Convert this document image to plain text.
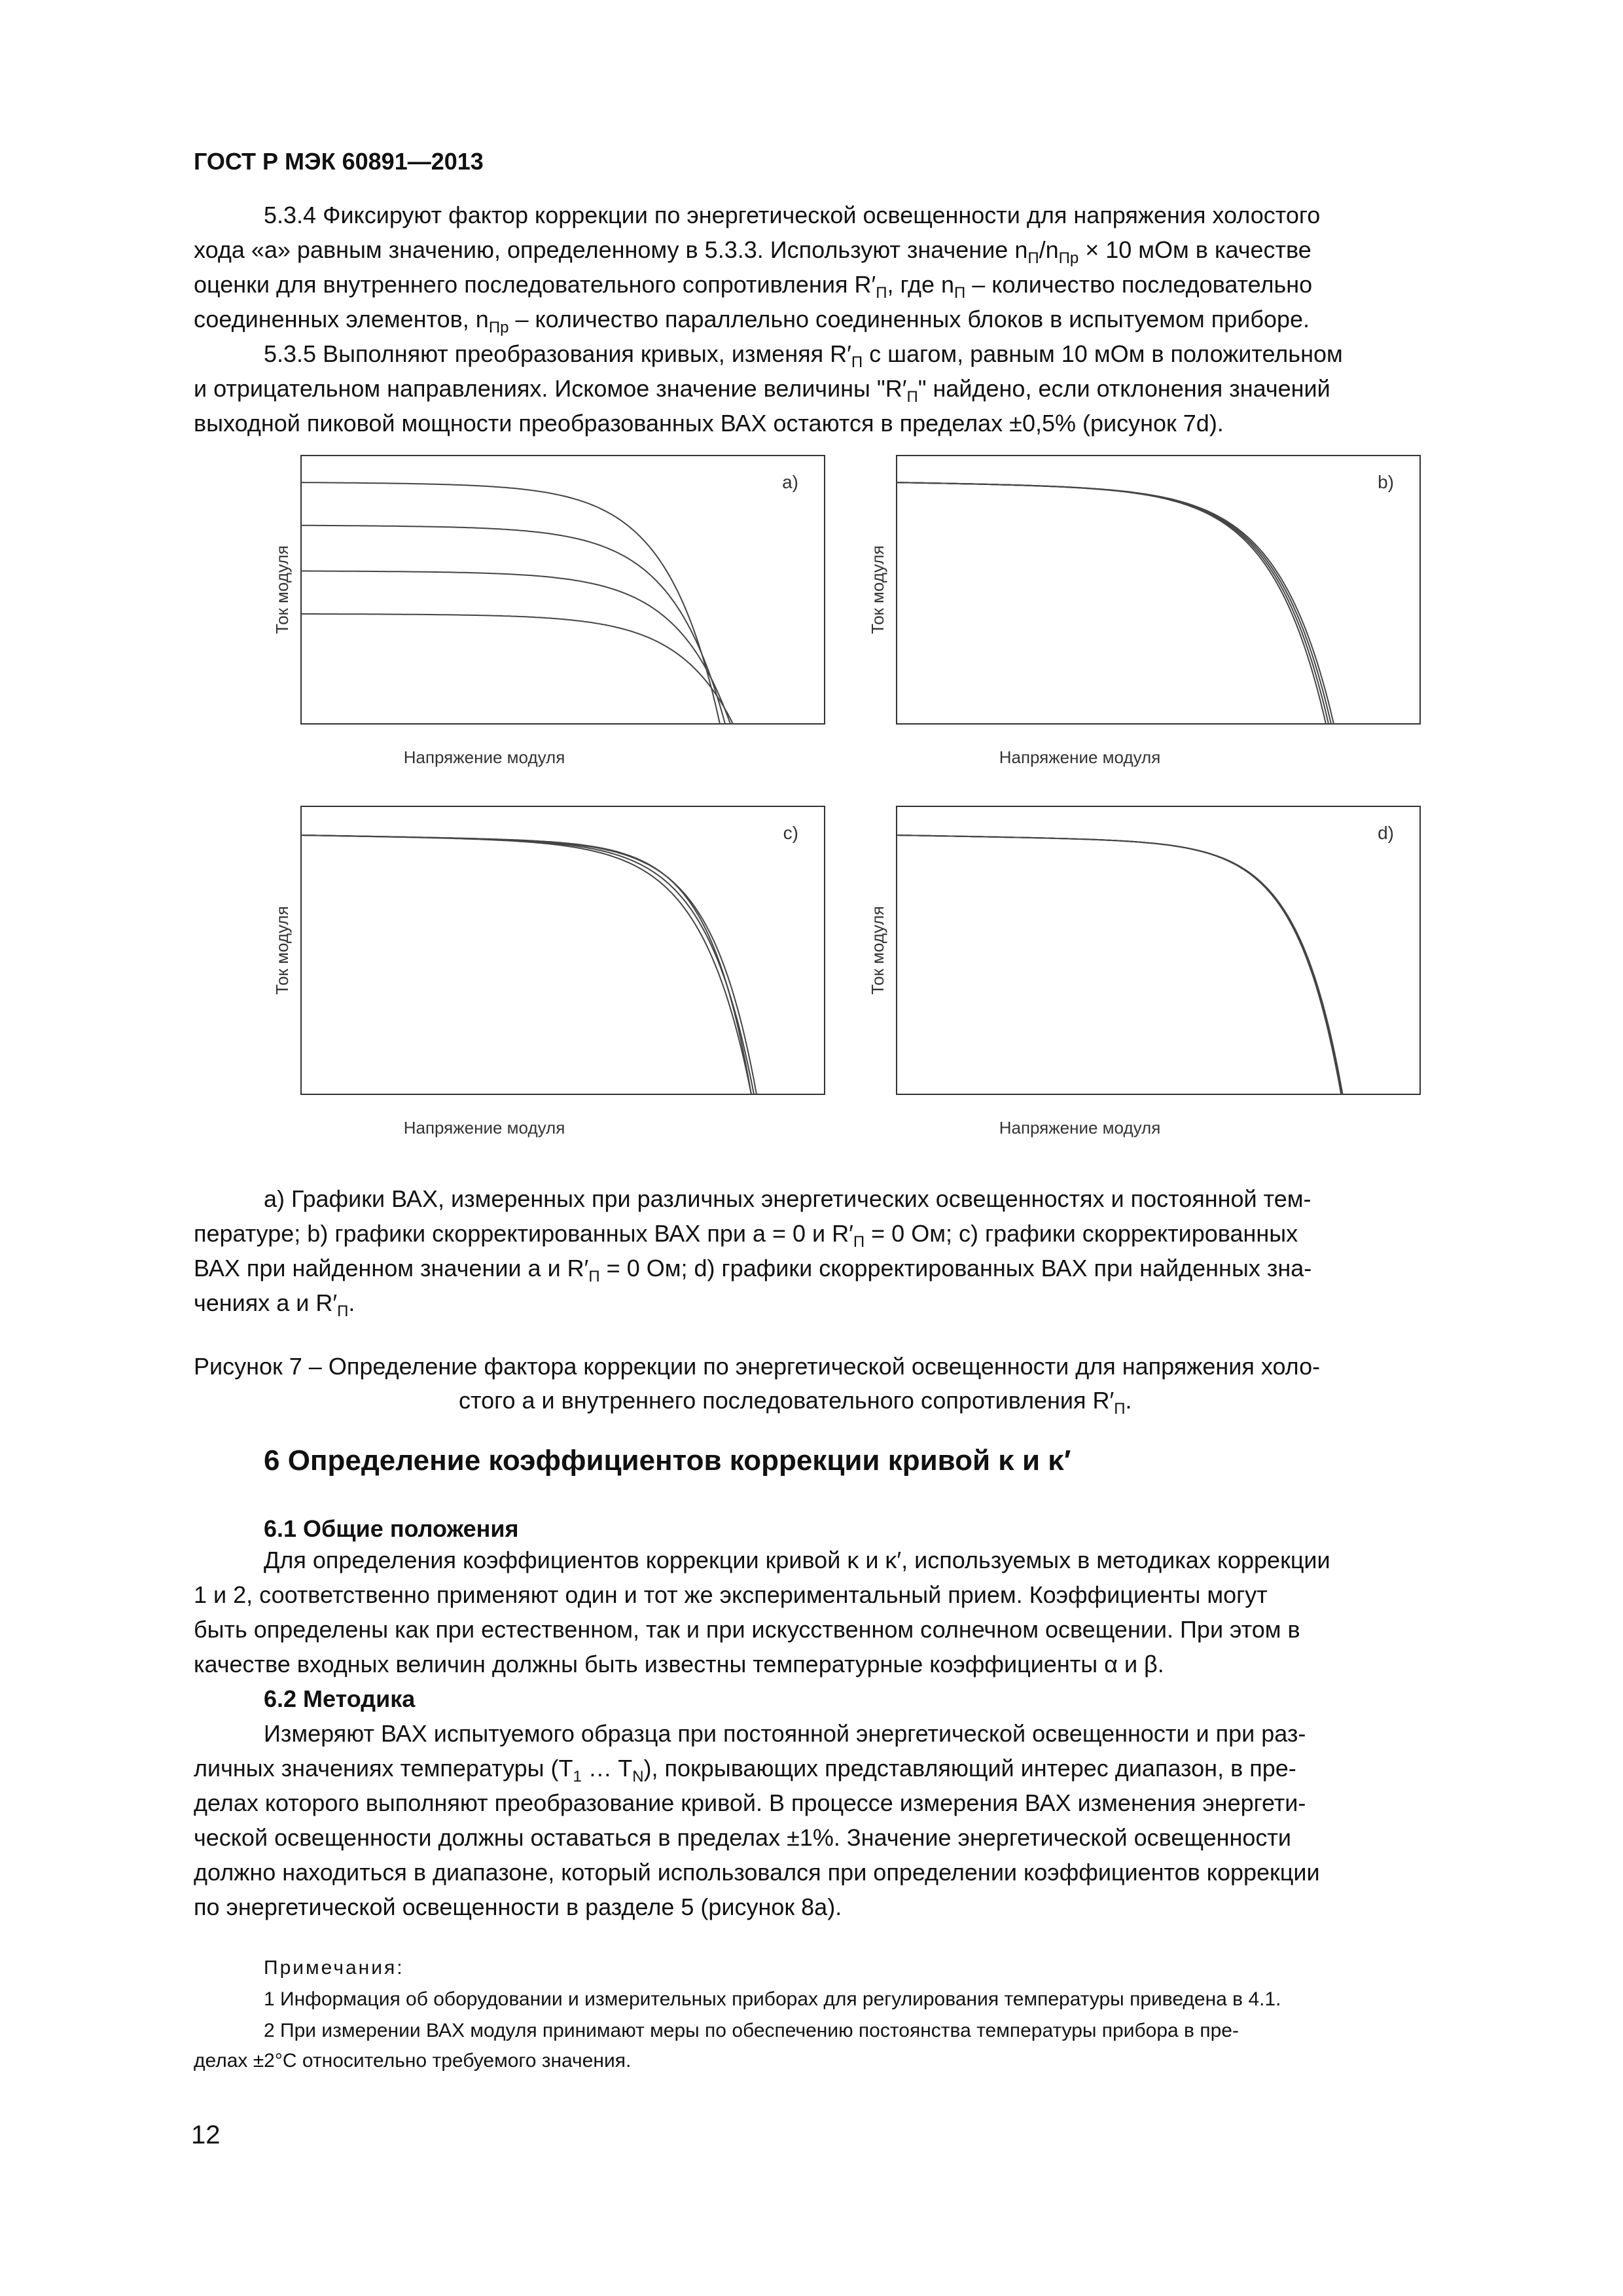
ГОСТ Р МЭК 60891—2013
5.3.4 Фиксируют фактор коррекции по энергетической освещенности для напряжения холостого
хода «a» равным значению, определенному в 5.3.3. Используют значение $n_П/n_{Пр} \times 10$ мОм в качестве
оценки для внутреннего последовательного сопротивления $R'_П$, где $n_П$ – количество последовательно
соединенных элементов, $n_{Пр}$ – количество параллельно соединенных блоков в испытуемом приборе.
5.3.5 Выполняют преобразования кривых, изменяя $R'_П$ с шагом, равным 10 мОм в положительном
и отрицательном направлениях. Искомое значение величины "$R'_П$" найдено, если отклонения значений
выходной пиковой мощности преобразованных ВАХ остаются в пределах ±0,5% (рисунок 7d).
a)
Ток модуля
Напряжение модуля
b)
Ток модуля
Напряжение модуля
c)
Ток модуля
Напряжение модуля
d)
Ток модуля
Напряжение модуля
a) Графики ВАХ, измеренных при различных энергетических освещенностях и постоянной тем-
пературе; b) графики скорректированных ВАХ при a = 0 и $R'_П = 0$ Ом; c) графики скорректированных
ВАХ при найденном значении a и $R'_П = 0$ Ом; d) графики скорректированных ВАХ при найденных зна-
чениях a и $R'_П$.
Рисунок 7 – Определение фактора коррекции по энергетической освещенности для напряжения холо-
стого a и внутреннего последовательного сопротивления $R'_П$.
6 Определение коэффициентов коррекции кривой κ и κ′
6.1 Общие положения
Для определения коэффициентов коррекции кривой κ и κ′, используемых в методиках коррекции
1 и 2, соответственно применяют один и тот же экспериментальный прием. Коэффициенты могут
быть определены как при естественном, так и при искусственном солнечном освещении. При этом в
качестве входных величин должны быть известны температурные коэффициенты α и β.
6.2 Методика
Измеряют ВАХ испытуемого образца при постоянной энергетической освещенности и при раз-
личных значениях температуры ($T_1$ … $T_N$), покрывающих представляющий интерес диапазон, в пре-
делах которого выполняют преобразование кривой. В процессе измерения ВАХ изменения энергети-
ческой освещенности должны оставаться в пределах ±1%. Значение энергетической освещенности
должно находиться в диапазоне, который использовался при определении коэффициентов коррекции
по энергетической освещенности в разделе 5 (рисунок 8a).
Примечания:
1 Информация об оборудовании и измерительных приборах для регулирования температуры приведена в 4.1.
2 При измерении ВАХ модуля принимают меры по обеспечению постоянства температуры прибора в пре-
делах ±2°С относительно требуемого значения.
12
